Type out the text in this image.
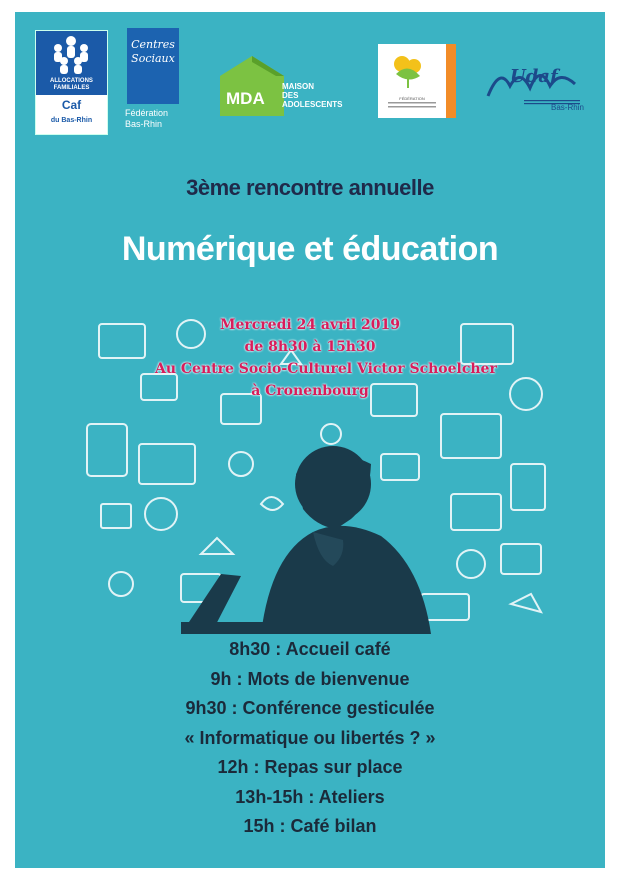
ALLOCATIONS FAMILIALES
Caf
du Bas-Rhin
Centres Sociaux
Fédération
Bas-Rhin
MDA
MAISON
DES
ADOLESCENTS
FÉDÉRATION
Udaf
Bas-Rhin
3ème rencontre annuelle
Numérique et éducation
Mercredi 24 avril 2019
de 8h30 à 15h30
Au Centre Socio-Culturel Victor Schoelcher
à Cronenbourg
8h30 : Accueil café
9h : Mots de bienvenue
9h30 : Conférence gesticulée
« Informatique ou libertés ? »
12h : Repas sur place
13h-15h : Ateliers
15h : Café bilan
